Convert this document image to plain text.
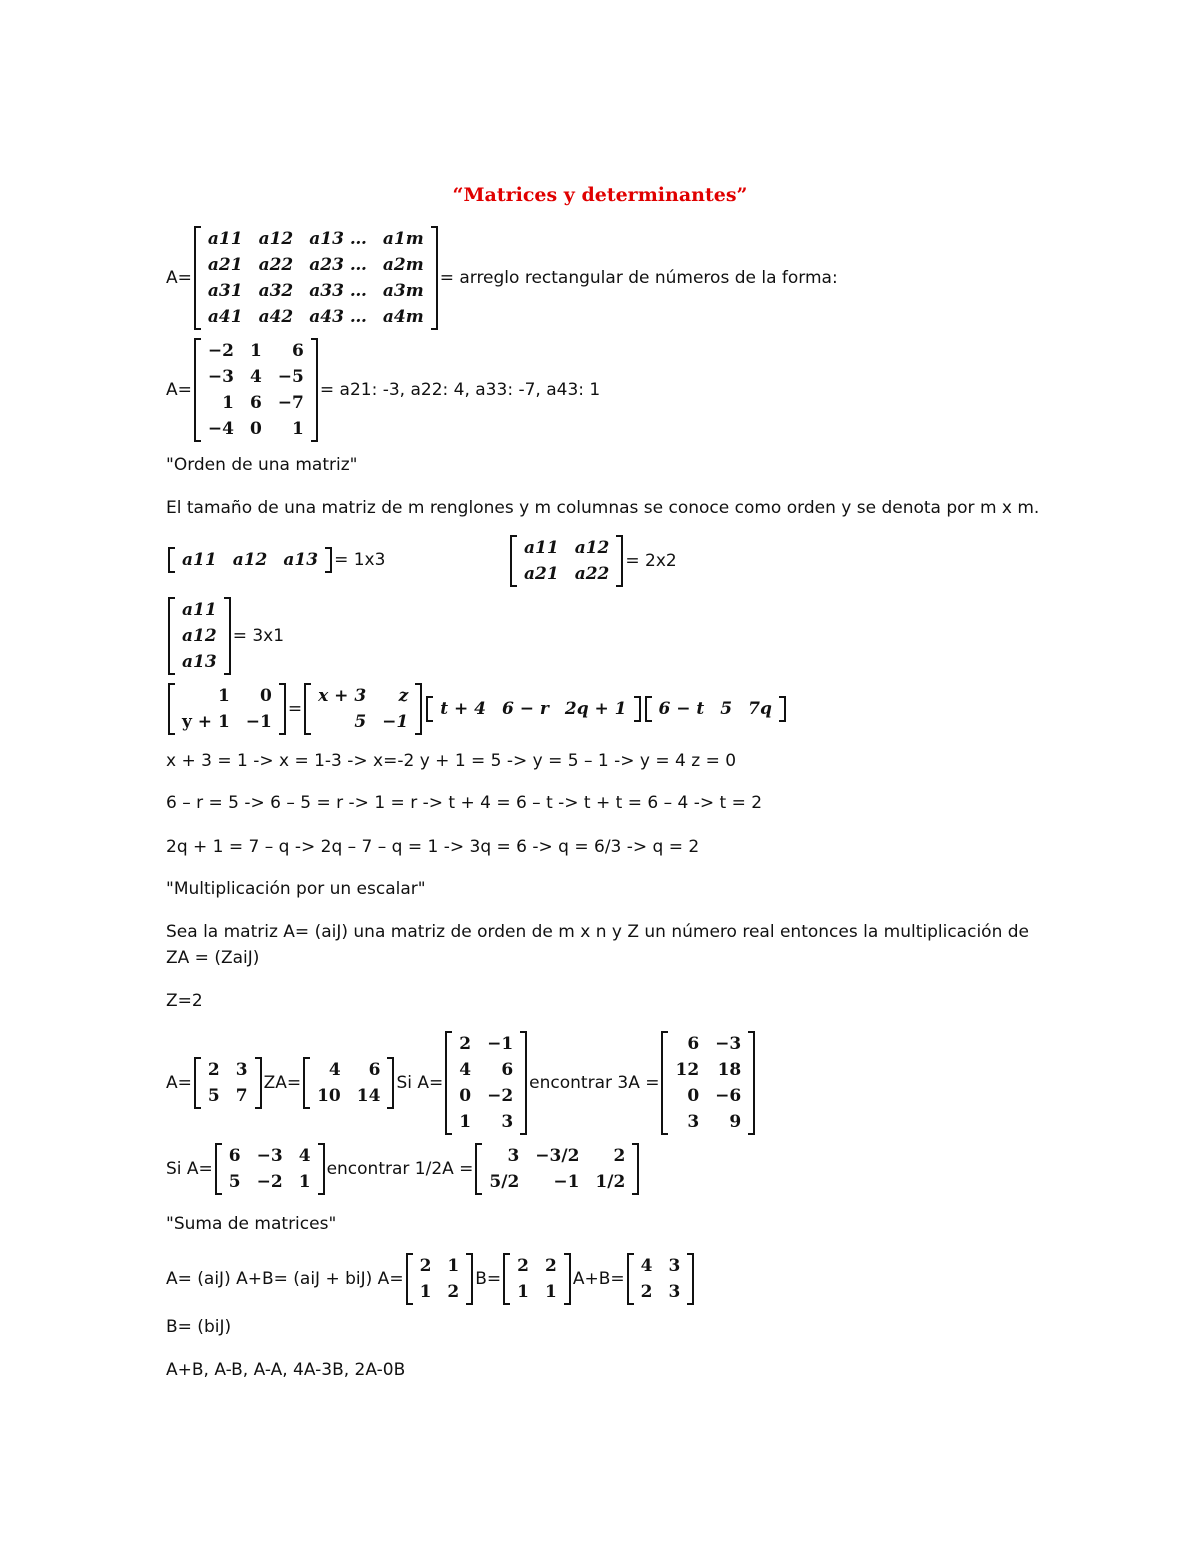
“Matrices y determinantes”
A=
a11 a12 a13 … a1m
a21 a22 a23 … a2m
a31 a32 a33 … a3m
a41 a42 a43 … a4m
= arreglo rectangular de números de la forma:
A=
−2 1	6
−3 4 −5
1 6 −7
−4 0	1
= a21: -3, a22: 4, a33: -7, a43: 1
"Orden de una matriz"
El tamaño de una matriz de m renglones y m columnas se conoce como orden y se denota por m x m.
a11 a12 a13 = 1x3
a11 a12
a21 a22
= 2x2
a11
a12
a13
= 3x1
1	0
y + 1 −1
=
x + 3	z
5 −1
t + 4 6 − r 2q + 1	6 − t 5 7q
x + 3 = 1 -> x = 1-3 -> x=-2 y + 1 = 5 -> y = 5 – 1 -> y = 4 z = 0
6 – r = 5 -> 6 – 5 = r -> 1 = r -> t + 4 = 6 – t -> t + t = 6 – 4 -> t = 2
2q + 1 = 7 – q -> 2q – 7 – q = 1 -> 3q = 6 -> q = 6/3 -> q = 2
"Multiplicación por un escalar"
Sea la matriz A= (aiJ) una matriz de orden de m x n y Z un número real entonces la multiplicación de
ZA = (ZaiJ)
Z=2
A=
2 3
5 7
ZA=
4	6
10 14
Si A=
2 −1
4	6
0 −2
1	3
encontrar 3A =
6 −3
12	18
0 −6
3	9
Si A=
6 −3 4
5 −2 1
encontrar 1/2A =
3 −3/2	2
5/2	−1 1/2
"Suma de matrices"
A= (aiJ) A+B= (aiJ + biJ) A=
2 1
1 2
B=
2 2
1 1
A+B=
4 3
2 3
B= (biJ)
A+B, A-B, A-A, 4A-3B, 2A-0B
